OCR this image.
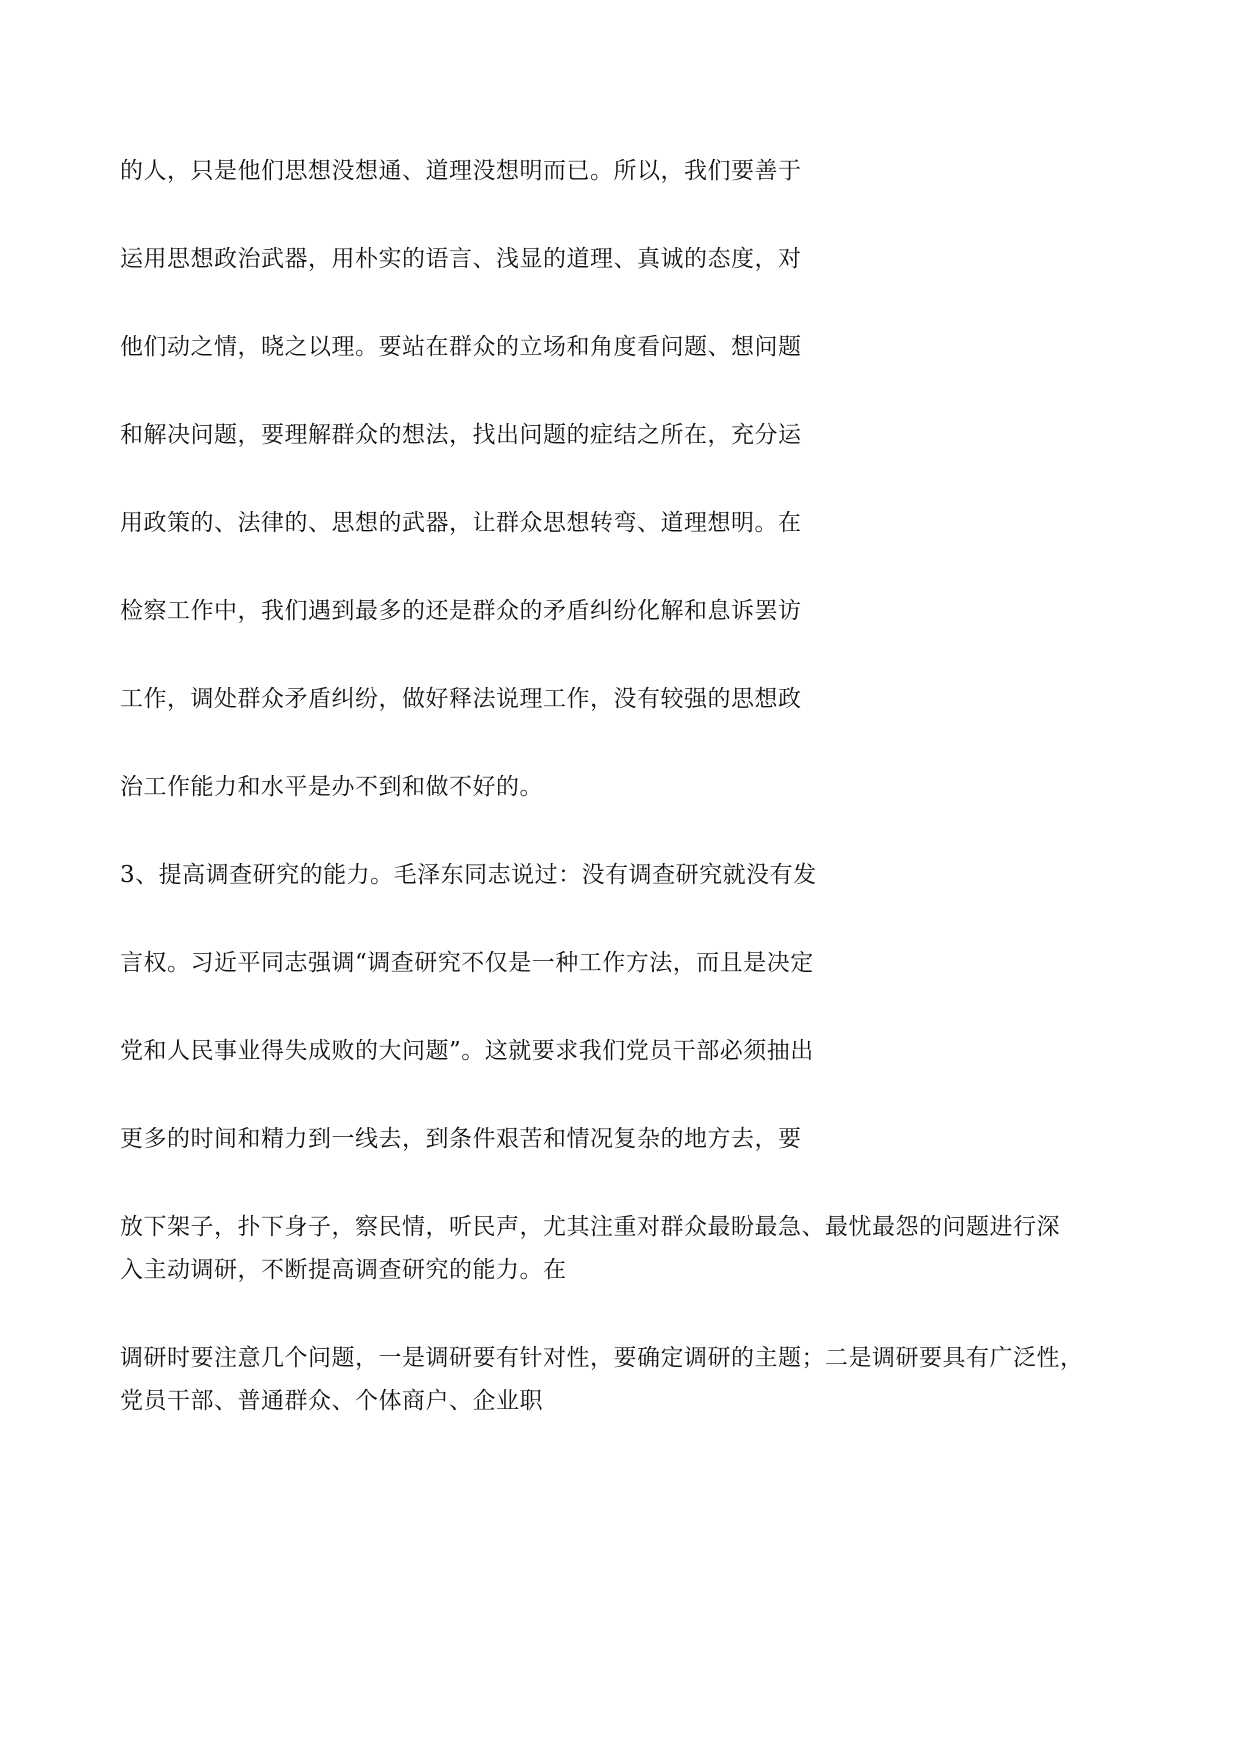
的人，只是他们思想没想通、道理没想明而已。所以，我们要善于

运用思想政治武器，用朴实的语言、浅显的道理、真诚的态度，对

他们动之情，晓之以理。要站在群众的立场和角度看问题、想问题

和解决问题，要理解群众的想法，找出问题的症结之所在，充分运

用政策的、法律的、思想的武器，让群众思想转弯、道理想明。在

检察工作中，我们遇到最多的还是群众的矛盾纠纷化解和息诉罢访

工作，调处群众矛盾纠纷，做好释法说理工作，没有较强的思想政

治工作能力和水平是办不到和做不好的。

3、提高调查研究的能力。毛泽东同志说过：没有调查研究就没有发

言权。习近平同志强调“调查研究不仅是一种工作方法，而且是决定

党和人民事业得失成败的大问题”。这就要求我们党员干部必须抽出

更多的时间和精力到一线去，到条件艰苦和情况复杂的地方去，要

放下架子，扑下身子，察民情，听民声，尤其注重对群众最盼最急、最忧最怨的问题进行深

入主动调研，不断提高调查研究的能力。在

调研时要注意几个问题，一是调研要有针对性，要确定调研的主题；二是调研要具有广泛性，

党员干部、普通群众、个体商户、企业职
